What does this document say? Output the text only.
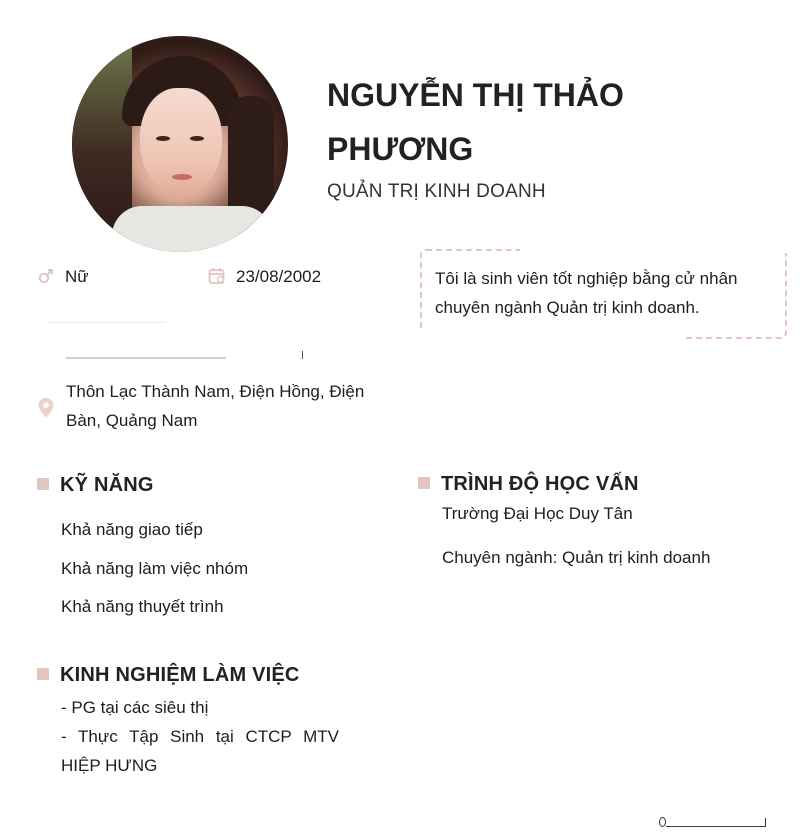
NGUYỄN THỊ THẢO PHƯƠNG

QUẢN TRỊ KINH DOANH

Nữ	23/08/2002

Thôn Lạc Thành Nam, Điện Hồng, Điện Bàn, Quảng Nam

Tôi là sinh viên tốt nghiệp bằng cử nhân chuyên ngành Quản trị kinh doanh.

KỸ NĂNG

Khả năng giao tiếp

Khả năng làm việc nhóm

Khả năng thuyết trình

TRÌNH ĐỘ HỌC VẤN

Trường Đại Học Duy Tân

Chuyên ngành: Quản trị kinh doanh

KINH NGHIỆM LÀM VIỆC

- PG tại các siêu thị

- Thực Tập Sinh tại CTCP MTV HIỆP HƯNG
